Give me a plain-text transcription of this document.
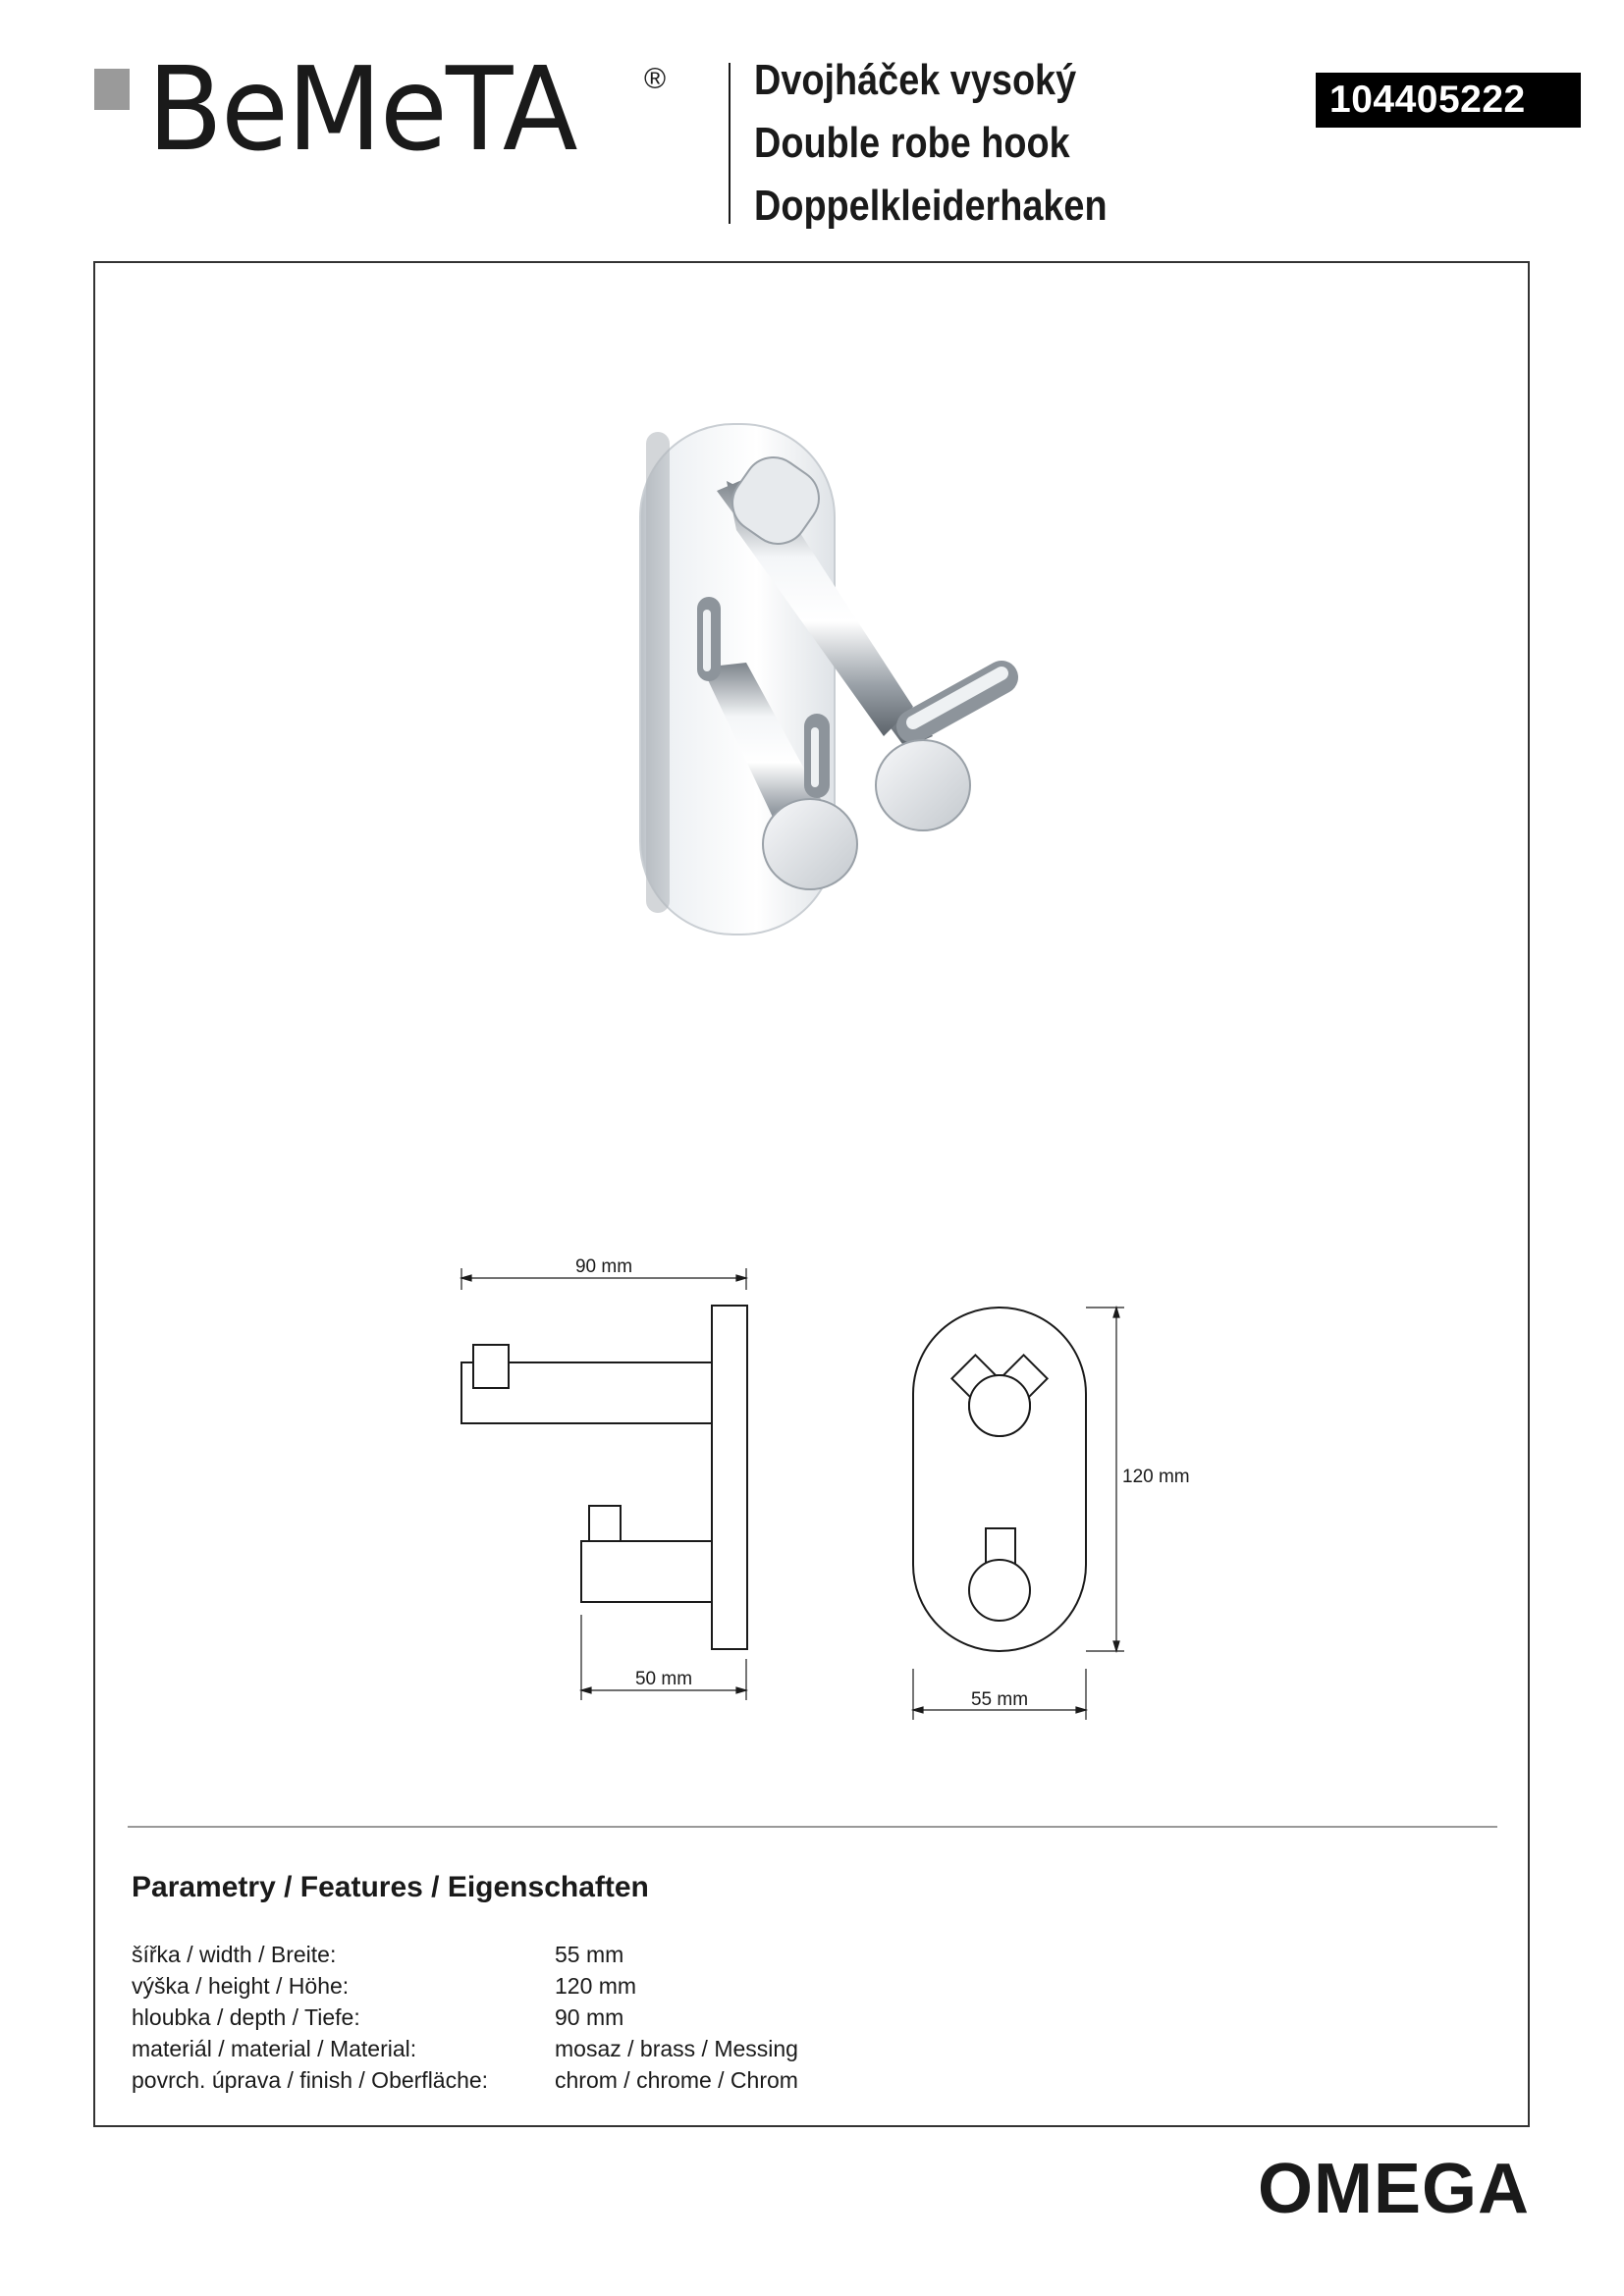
BeMeTA ® Dvojháček vysoký
Double robe hook
Doppelkleiderhaken
104405222
90 mm
50 mm
120 mm
55 mm
Parametry / Features / Eigenschaften
šířka / width / Breite:	55 mm
výška / height / Höhe:	120 mm
hloubka / depth / Tiefe:	90 mm
materiál / material / Material:	mosaz / brass / Messing
povrch. úprava / finish / Oberfläche:	chrom / chrome / Chrom
OMEGA
